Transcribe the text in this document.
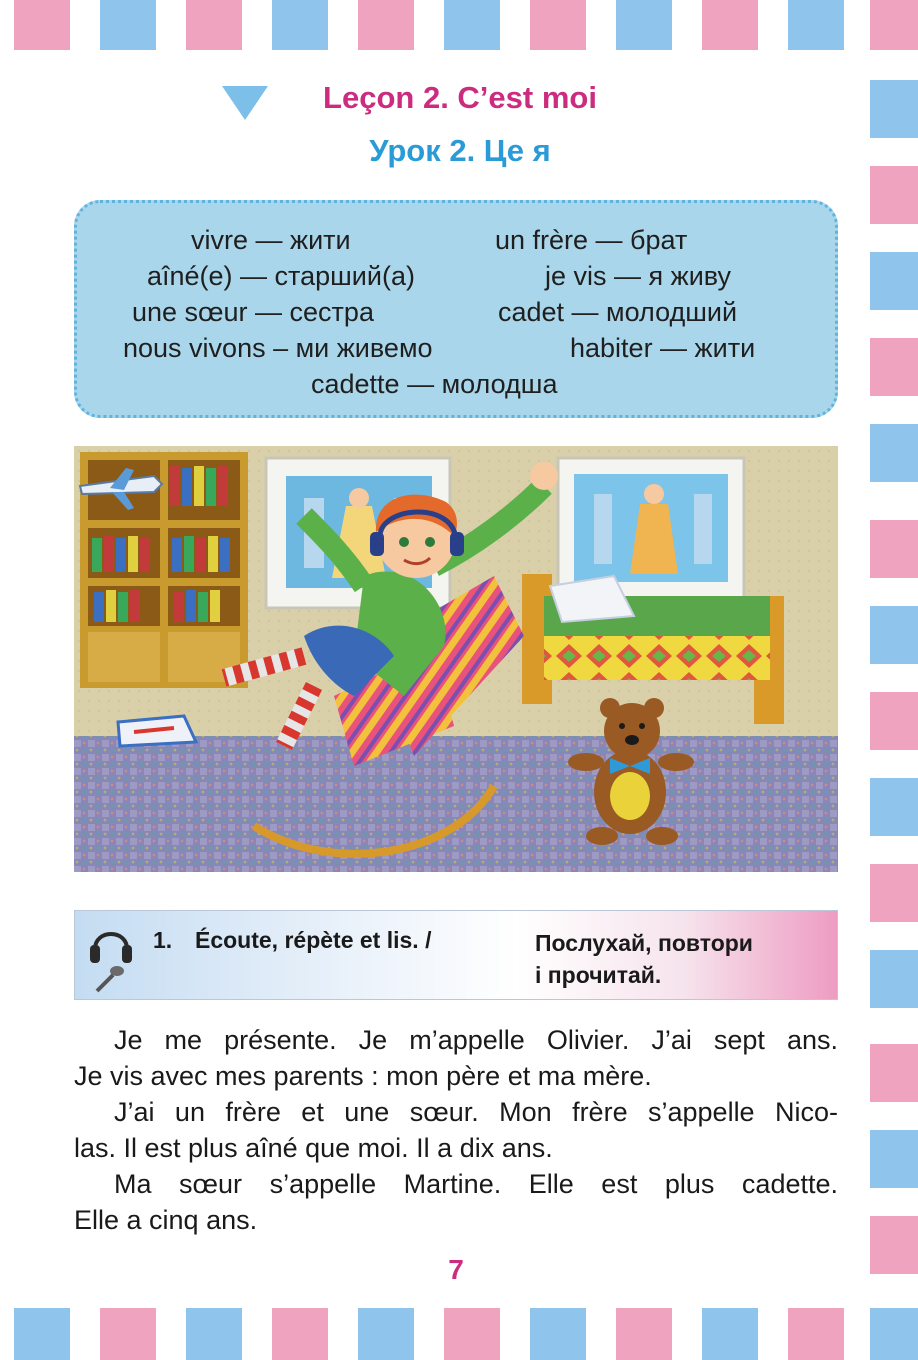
Leçon 2. C’est moi
Урок 2. Це я
vivre — жити	un frère — брат
aîné(e) — старший(а)	je vis — я живу
une sœur — сестра	cadet — молодший
nous vivons – ми живемо	habiter — жити
cadette — молодша
1. Écoute, répète et lis. /	Послухай, повтори
і прочитай.
Je me présente. Je m’appelle Olivier. J’ai sept ans.
Je vis avec mes parents : mon père et ma mère.
J’ai un frère et une sœur. Mon frère s’appelle Nico-
las. Il est plus aîné que moi. Il a dix ans.
Ma sœur s’appelle Martine. Elle est plus cadette.
Elle a cinq ans.
7
